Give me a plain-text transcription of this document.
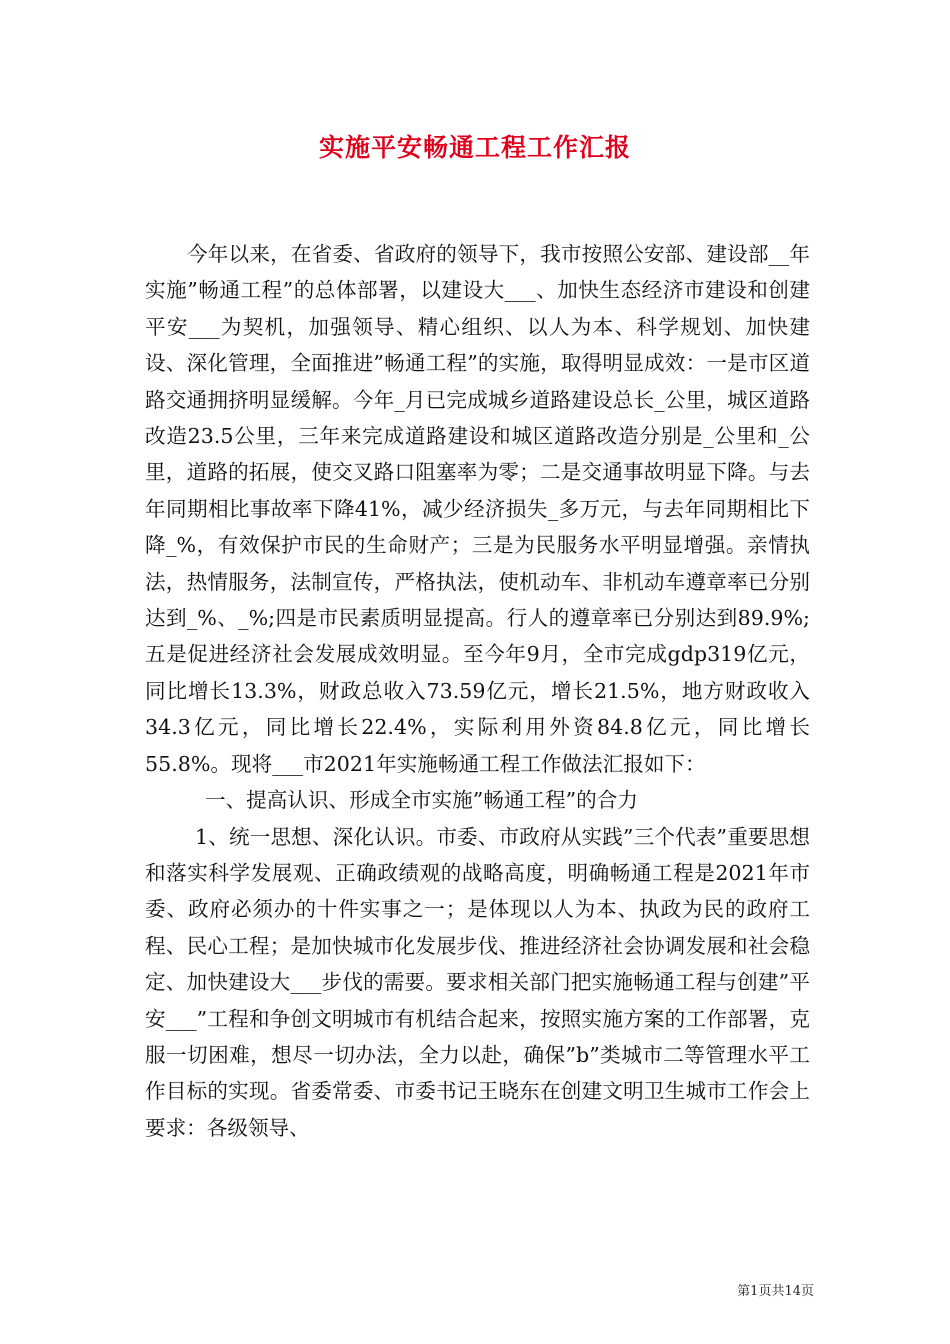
实施平安畅通工程工作汇报

今年以来，在省委、省政府的领导下，我市按照公安部、建设部__年实施”畅通工程”的总体部署，以建设大___、加快生态经济市建设和创建平安___为契机，加强领导、精心组织、以人为本、科学规划、加快建设、深化管理，全面推进”畅通工程”的实施，取得明显成效：一是市区道路交通拥挤明显缓解。今年_月已完成城乡道路建设总长_公里，城区道路改造23.5公里，三年来完成道路建设和城区道路改造分别是_公里和_公里，道路的拓展，使交叉路口阻塞率为零；二是交通事故明显下降。与去年同期相比事故率下降41%，减少经济损失_多万元，与去年同期相比下降_%，有效保护市民的生命财产；三是为民服务水平明显增强。亲情执法，热情服务，法制宣传，严格执法，使机动车、非机动车遵章率已分别达到_%、_%;四是市民素质明显提高。行人的遵章率已分别达到89.9%;五是促进经济社会发展成效明显。至今年9月，全市完成gdp319亿元，同比增长13.3%，财政总收入73.59亿元，增长21.5%，地方财政收入34.3亿元，同比增长22.4%，实际利用外资84.8亿元，同比增长55.8%。现将___市2021年实施畅通工程工作做法汇报如下：

一、提高认识、形成全市实施”畅通工程”的合力

1、统一思想、深化认识。市委、市政府从实践”三个代表”重要思想和落实科学发展观、正确政绩观的战略高度，明确畅通工程是2021年市委、政府必须办的十件实事之一；是体现以人为本、执政为民的政府工程、民心工程；是加快城市化发展步伐、推进经济社会协调发展和社会稳定、加快建设大___步伐的需要。要求相关部门把实施畅通工程与创建”平安___”工程和争创文明城市有机结合起来，按照实施方案的工作部署，克服一切困难，想尽一切办法，全力以赴，确保”b”类城市二等管理水平工作目标的实现。省委常委、市委书记王晓东在创建文明卫生城市工作会上要求：各级领导、

第1页共14页
